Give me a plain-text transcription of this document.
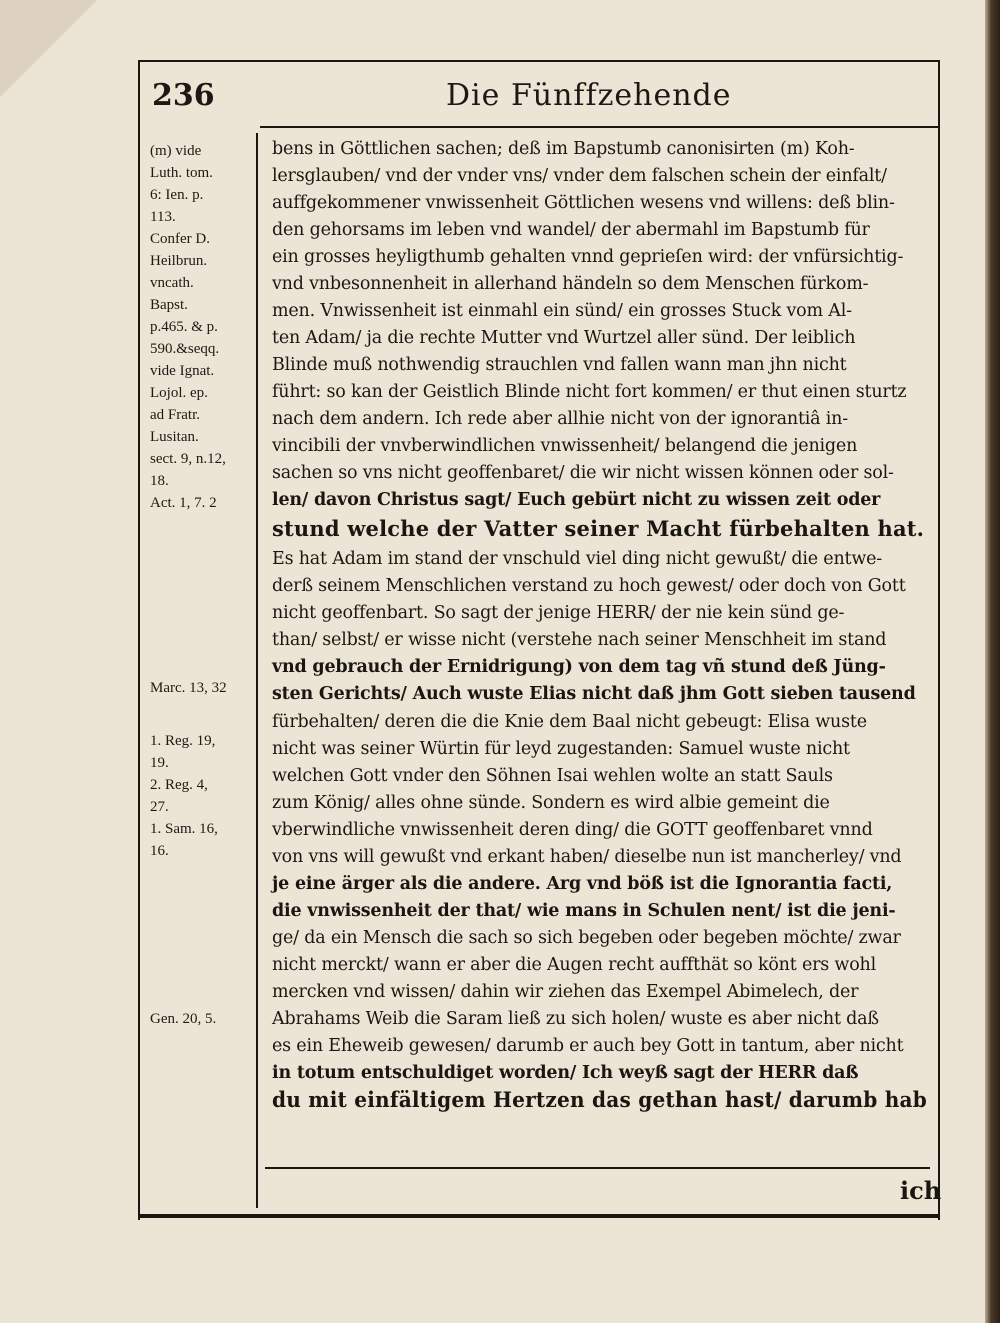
236	Die Fünffzehende
(m) vide
Luth. tom.
6: Ien. p.
113.
Confer D.
Heilbrun.
vncath.
Bapst.
p.465. & p.
590.&seqq.
vide Ignat.
Lojol. ep.
ad Fratr.
Lusitan.
sect. 9, n.12,
18.
Act. 1, 7. 2
Marc. 13, 32
1. Reg. 19,
19.
2. Reg. 4,
27.
1. Sam. 16,
16.
Gen. 20, 5.
bens in Göttlichen sachen; deß im Bapstumb canonisirten (m) Koh-
lersglauben/ vnd der vnder vns/ vnder dem falschen schein der einfalt/
auffgekommener vnwissenheit Göttlichen wesens vnd willens: deß blin-
den gehorsams im leben vnd wandel/ der abermahl im Bapstumb für
ein grosses heyligthumb gehalten vnnd geprieſen wird: der vnfürsichtig-
vnd vnbesonnenheit in allerhand händeln so dem Menschen fürkom-
men. Vnwissenheit ist einmahl ein sünd/ ein grosses Stuck vom Al-
ten Adam/ ja die rechte Mutter vnd Wurtzel aller sünd. Der leiblich
Blinde muß nothwendig strauchlen vnd fallen wann man jhn nicht
führt: so kan der Geistlich Blinde nicht fort kommen/ er thut einen sturtz
nach dem andern. Ich rede aber allhie nicht von der ignorantiâ in-
vincibili der vnvberwindlichen vnwissenheit/ belangend die jenigen
sachen so vns nicht geoffenbaret/ die wir nicht wissen können oder sol-
len/ davon Christus sagt/ Euch gebürt nicht zu wissen zeit oder
stund welche der Vatter seiner Macht fürbehalten hat.
Es hat Adam im stand der vnschuld viel ding nicht gewußt/ die entwe-
derß seinem Menschlichen verstand zu hoch gewest/ oder doch von Gott
nicht geoffenbart. So sagt der jenige HERR/ der nie kein sünd ge-
than/ selbst/ er wisse nicht (verstehe nach seiner Menschheit im stand
vnd gebrauch der Ernidrigung) von dem tag vñ stund deß Jüng-
sten Gerichts/ Auch wuste Elias nicht daß jhm Gott sieben tausend
fürbehalten/ deren die die Knie dem Baal nicht gebeugt: Elisa wuste
nicht was seiner Würtin für leyd zugestanden: Samuel wuste nicht
welchen Gott vnder den Söhnen Isai wehlen wolte an statt Sauls
zum König/ alles ohne sünde. Sondern es wird albie gemeint die
vberwindliche vnwissenheit deren ding/ die GOTT geoffenbaret vnnd
von vns will gewußt vnd erkant haben/ dieselbe nun ist mancherley/ vnd
je eine ärger als die andere. Arg vnd böß ist die Ignorantia facti,
die vnwissenheit der that/ wie mans in Schulen nent/ ist die jeni-
ge/ da ein Mensch die sach so sich begeben oder begeben möchte/ zwar
nicht merckt/ wann er aber die Augen recht auffthät so könt ers wohl
mercken vnd wissen/ dahin wir ziehen das Exempel Abimelech, der
Abrahams Weib die Saram ließ zu sich holen/ wuste es aber nicht daß
es ein Eheweib gewesen/ darumb er auch bey Gott in tantum, aber nicht
in totum entschuldiget worden/ Ich weyß sagt der HERR daß
du mit einfältigem Hertzen das gethan hast/ darumb hab
ich
